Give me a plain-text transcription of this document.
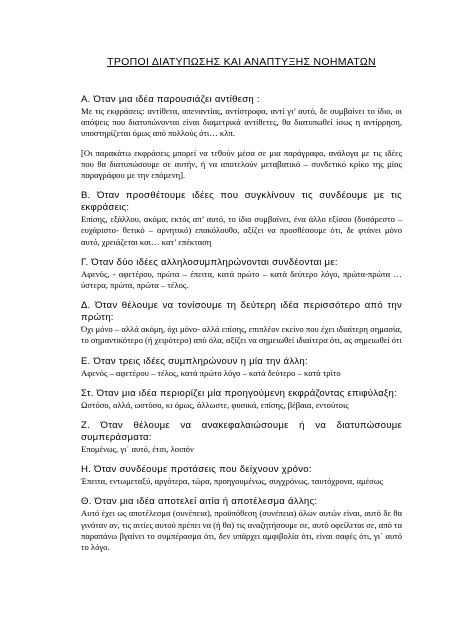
ΤΡΟΠΟΙ ΔΙΑΤΥΠΩΣΗΣ ΚΑΙ ΑΝΑΠΤΥΞΗΣ ΝΟΗΜΑΤΩΝ

Α. Όταν μια ιδέα παρουσιάζει αντίθεση :

Με τις εκφράσεις: αντίθετα, απεναντίας, αντίστροφα, αντί γι’ αυτό, δε συμβαίνει το ίδιο, οι απόψεις που διατυπώνονται είναι διαμετρικά αντίθετες, θα διατυπωθεί ίσως η αντίρρηση, υποστηρίζεται όμως από πολλούς ότι… κλπ.

[Οι παρακάτω εκφράσεις μπορεί να τεθούν μέσα σε μια παράγραφο, ανάλογα με τις ιδέες που θα διατυπώσουμε σε αυτήν, ή να αποτελούν μεταβατικό – συνδετικό κρίκο της μίας παραγράφου με την επόμενη].

Β. Όταν προσθέτουμε ιδέες που συγκλίνουν τις συνδέουμε με τις εκφράσεις:

Επίσης, εξάλλου, ακόμα, εκτός απ’ αυτό, το ίδιο συμβαίνει, ένα άλλο εξίσου (δυσάρεστο – ευχάριστο- θετικό – αρνητικό) επακόλουθο, αξίζει να προσθέσουμε ότι, δε φτάνει μόνο αυτό, χρειάζεται και… κατ’ επέκταση

Γ. Όταν δύο ιδέες αλληλοσυμπληρώνονται συνδέονται με:

Αφενός, - αφετέρου, πρώτα – έπειτα, κατά πρώτο – κατά δεύτερο λόγο, πρώτα-πρώτα … ύστερα, πρώτα, πρώτα – τέλος.

Δ. Όταν θέλουμε να τονίσουμε τη δεύτερη ιδέα περισσότερο από την πρώτη:

Όχι μόνο – αλλά ακόμη, όχι μόνο- αλλά επίσης, επιπλέον εκείνο που έχει ιδιαίτερη σημασία, το σημαντικότερο (ή χειρότερο) από όλα, αξίζει να σημειωθεί ιδιαίτερα ότι, ας σημειωθεί ότι

Ε. Όταν τρεις ιδέες συμπληρώνουν η μία την άλλη:

Αφενός – αφετέρου – τέλος, κατά πρώτο λόγο – κατά δεύτερο – κατά τρίτο

Στ. Όταν μια ιδέα περιορίζει μία προηγούμενη εκφράζοντας επιφύλαξη:

Ωστόσο, αλλά, ωστόσο, κι όμως, άλλωστε, φυσικά, επίσης, βέβαια, εντούτοις

Ζ. Όταν θέλουμε να ανακεφαλαιώσουμε ή να διατυπώσουμε συμπεράσματα:

Επομένως, γι΄ αυτό, έτσι, λοιπόν

Η. Όταν συνδέουμε προτάσεις που δείχνουν χρόνο:

Έπειτα, εντωμεταξύ, αργότερα, τώρα, προηγουμένως, συγχρόνως, ταυτόχρονα, αμέσως

Θ. Όταν μια ιδέα αποτελεί αιτία ή αποτέλεσμα άλλης:

Αυτό έχει ως αποτέλεσμα (συνέπεια), προϋπόθεση (συνέπεια) όλων αυτών είναι, αυτό δε θα γινόταν αν, τις αιτίες αυτού πρέπει να (ή θα) τις αναζητήσουμε σε, αυτό οφείλεται σε, από τα παραπάνω βγαίνει το συμπέρασμα ότι, δεν υπάρχει αμφιβολία ότι, είναι σαφές ότι, γι΄ αυτό το λόγο.
